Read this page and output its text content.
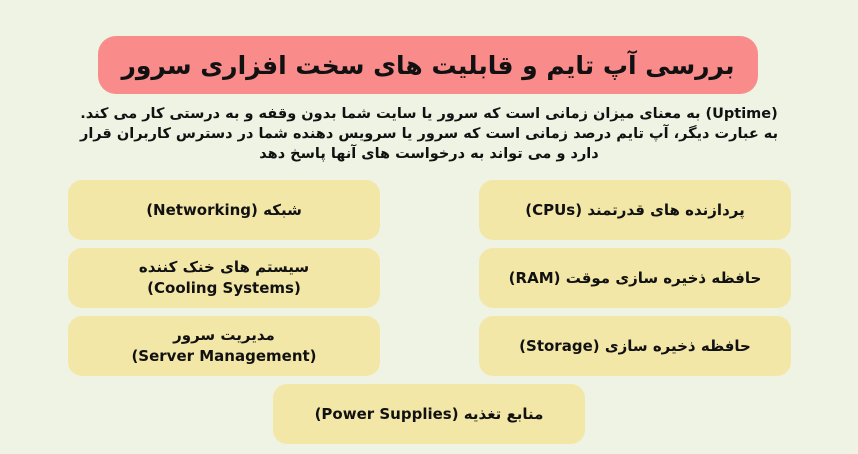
بررسی آپ تایم و قابلیت های سخت افزاری سرور

(Uptime) به معنای میزان زمانی است که سرور یا سایت شما بدون وقفه و به درستی کار می کند.

به عبارت دیگر، آپ تایم درصد زمانی است که سرور یا سرویس دهنده شما در دسترس کاربران قرار

دارد و می تواند به درخواست های آنها پاسخ دهد

پردازنده های قدرتمند (CPUs)
شبکه (Networking)
حافظه ذخیره سازی موقت (RAM)
سیستم های خنک کننده
(Cooling Systems)
حافظه ذخیره سازی (Storage)
مدیریت سرور
(Server Management)
منابع تغذیه (Power Supplies)
